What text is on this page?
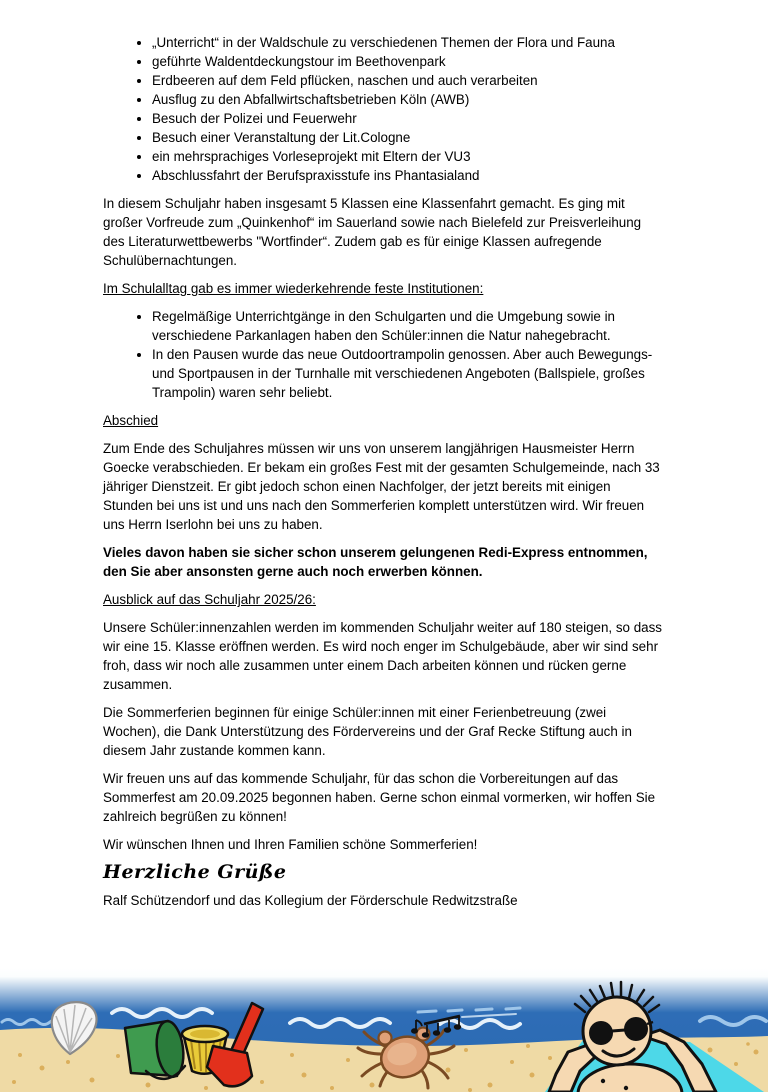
• „Unterricht“ in der Waldschule zu verschiedenen Themen der Flora und Fauna
• geführte Waldentdeckungstour im Beethovenpark
• Erdbeeren auf dem Feld pflücken, naschen und auch verarbeiten
• Ausflug zu den Abfallwirtschaftsbetrieben Köln (AWB)
• Besuch der Polizei und Feuerwehr
• Besuch einer Veranstaltung der Lit.Cologne
• ein mehrsprachiges Vorleseprojekt mit Eltern der VU3
• Abschlussfahrt der Berufspraxisstufe ins Phantasialand

In diesem Schuljahr haben insgesamt 5 Klassen eine Klassenfahrt gemacht. Es ging mit großer Vorfreude zum „Quinkenhof“ im Sauerland sowie nach Bielefeld zur Preisverleihung des Literaturwettbewerbs "Wortfinder“. Zudem gab es für einige Klassen aufregende Schulübernachtungen.

Im Schulalltag gab es immer wiederkehrende feste Institutionen:

• Regelmäßige Unterrichtgänge in den Schulgarten und die Umgebung sowie in verschiedene Parkanlagen haben den Schüler:innen die Natur nahegebracht.
• In den Pausen wurde das neue Outdoortrampolin genossen. Aber auch Bewegungs- und Sportpausen in der Turnhalle mit verschiedenen Angeboten (Ballspiele, großes Trampolin) waren sehr beliebt.

Abschied

Zum Ende des Schuljahres müssen wir uns von unserem langjährigen Hausmeister Herrn Goecke verabschieden. Er bekam ein großes Fest mit der gesamten Schulgemeinde, nach 33 jähriger Dienstzeit. Er gibt jedoch schon einen Nachfolger, der jetzt bereits mit einigen Stunden bei uns ist und uns nach den Sommerferien komplett unterstützen wird. Wir freuen uns Herrn Iserlohn bei uns zu haben.

Vieles davon haben sie sicher schon unserem gelungenen Redi-Express entnommen, den Sie aber ansonsten gerne auch noch erwerben können.

Ausblick auf das Schuljahr 2025/26:

Unsere Schüler:innenzahlen werden im kommenden Schuljahr weiter auf 180 steigen, so dass wir eine 15. Klasse eröffnen werden. Es wird noch enger im Schulgebäude, aber wir sind sehr froh, dass wir noch alle zusammen unter einem Dach arbeiten können und rücken gerne zusammen.

Die Sommerferien beginnen für einige Schüler:innen mit einer Ferienbetreuung (zwei Wochen), die Dank Unterstützung des Fördervereins und der Graf Recke Stiftung auch in diesem Jahr zustande kommen kann.

Wir freuen uns auf das kommende Schuljahr, für das schon die Vorbereitungen auf das Sommerfest am 20.09.2025 begonnen haben. Gerne schon einmal vormerken, wir hoffen Sie zahlreich begrüßen zu können!

Wir wünschen Ihnen und Ihren Familien schöne Sommerferien!

Herzliche Grüße

Ralf Schützendorf und das Kollegium der Förderschule Redwitzstraße
